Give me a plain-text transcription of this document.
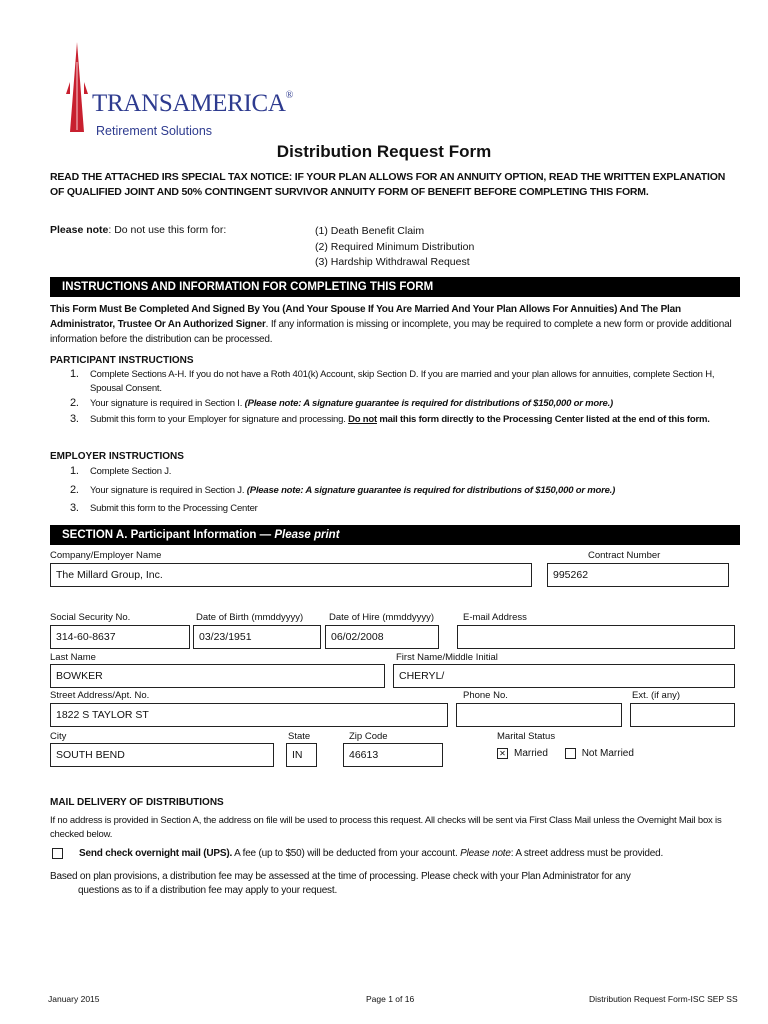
TRANSAMERICA®
Retirement Solutions
Distribution Request Form
READ THE ATTACHED IRS SPECIAL TAX NOTICE: IF YOUR PLAN ALLOWS FOR AN ANNUITY OPTION, READ THE WRITTEN EXPLANATION OF QUALIFIED JOINT AND 50% CONTINGENT SURVIVOR ANNUITY FORM OF BENEFIT BEFORE COMPLETING THIS FORM.
Please note: Do not use this form for:	(1) Death Benefit Claim
(2) Required Minimum Distribution
(3) Hardship Withdrawal Request
INSTRUCTIONS AND INFORMATION FOR COMPLETING THIS FORM
This Form Must Be Completed And Signed By You (And Your Spouse If You Are Married And Your Plan Allows For Annuities) And The Plan Administrator, Trustee Or An Authorized Signer. If any information is missing or incomplete, you may be required to complete a new form or provide additional information before the distribution can be processed.
PARTICIPANT INSTRUCTIONS
1. Complete Sections A-H. If you do not have a Roth 401(k) Account, skip Section D. If you are married and your plan allows for annuities, complete Section H, Spousal Consent.
2. Your signature is required in Section I. (Please note: A signature guarantee is required for distributions of $150,000 or more.)
3. Submit this form to your Employer for signature and processing. Do not mail this form directly to the Processing Center listed at the end of this form.
EMPLOYER INSTRUCTIONS
1. Complete Section J.
2. Your signature is required in Section J. (Please note: A signature guarantee is required for distributions of $150,000 or more.)
3. Submit this form to the Processing Center
SECTION A. Participant Information — Please print
Company/Employer Name
The Millard Group, Inc.
Contract Number
995262
Social Security No.
314-60-8637
Date of Birth (mmddyyyy)
03/23/1951
Date of Hire (mmddyyyy)
06/02/2008
E-mail Address
Last Name
BOWKER
First Name/Middle Initial
CHERYL/
Street Address/Apt. No.
1822 S TAYLOR ST
Phone No.	Ext. (if any)
City
SOUTH BEND
State
IN
Zip Code
46613
Marital Status
✕ Married	Not Married
MAIL DELIVERY OF DISTRIBUTIONS
If no address is provided in Section A, the address on file will be used to process this request. All checks will be sent via First Class Mail unless the Overnight Mail box is checked below.
Send check overnight mail (UPS). A fee (up to $50) will be deducted from your account. Please note: A street address must be provided.
Based on plan provisions, a distribution fee may be assessed at the time of processing. Please check with your Plan Administrator for any
questions as to if a distribution fee may apply to your request.
January 2015	Page 1 of 16	Distribution Request Form-ISC SEP SS
